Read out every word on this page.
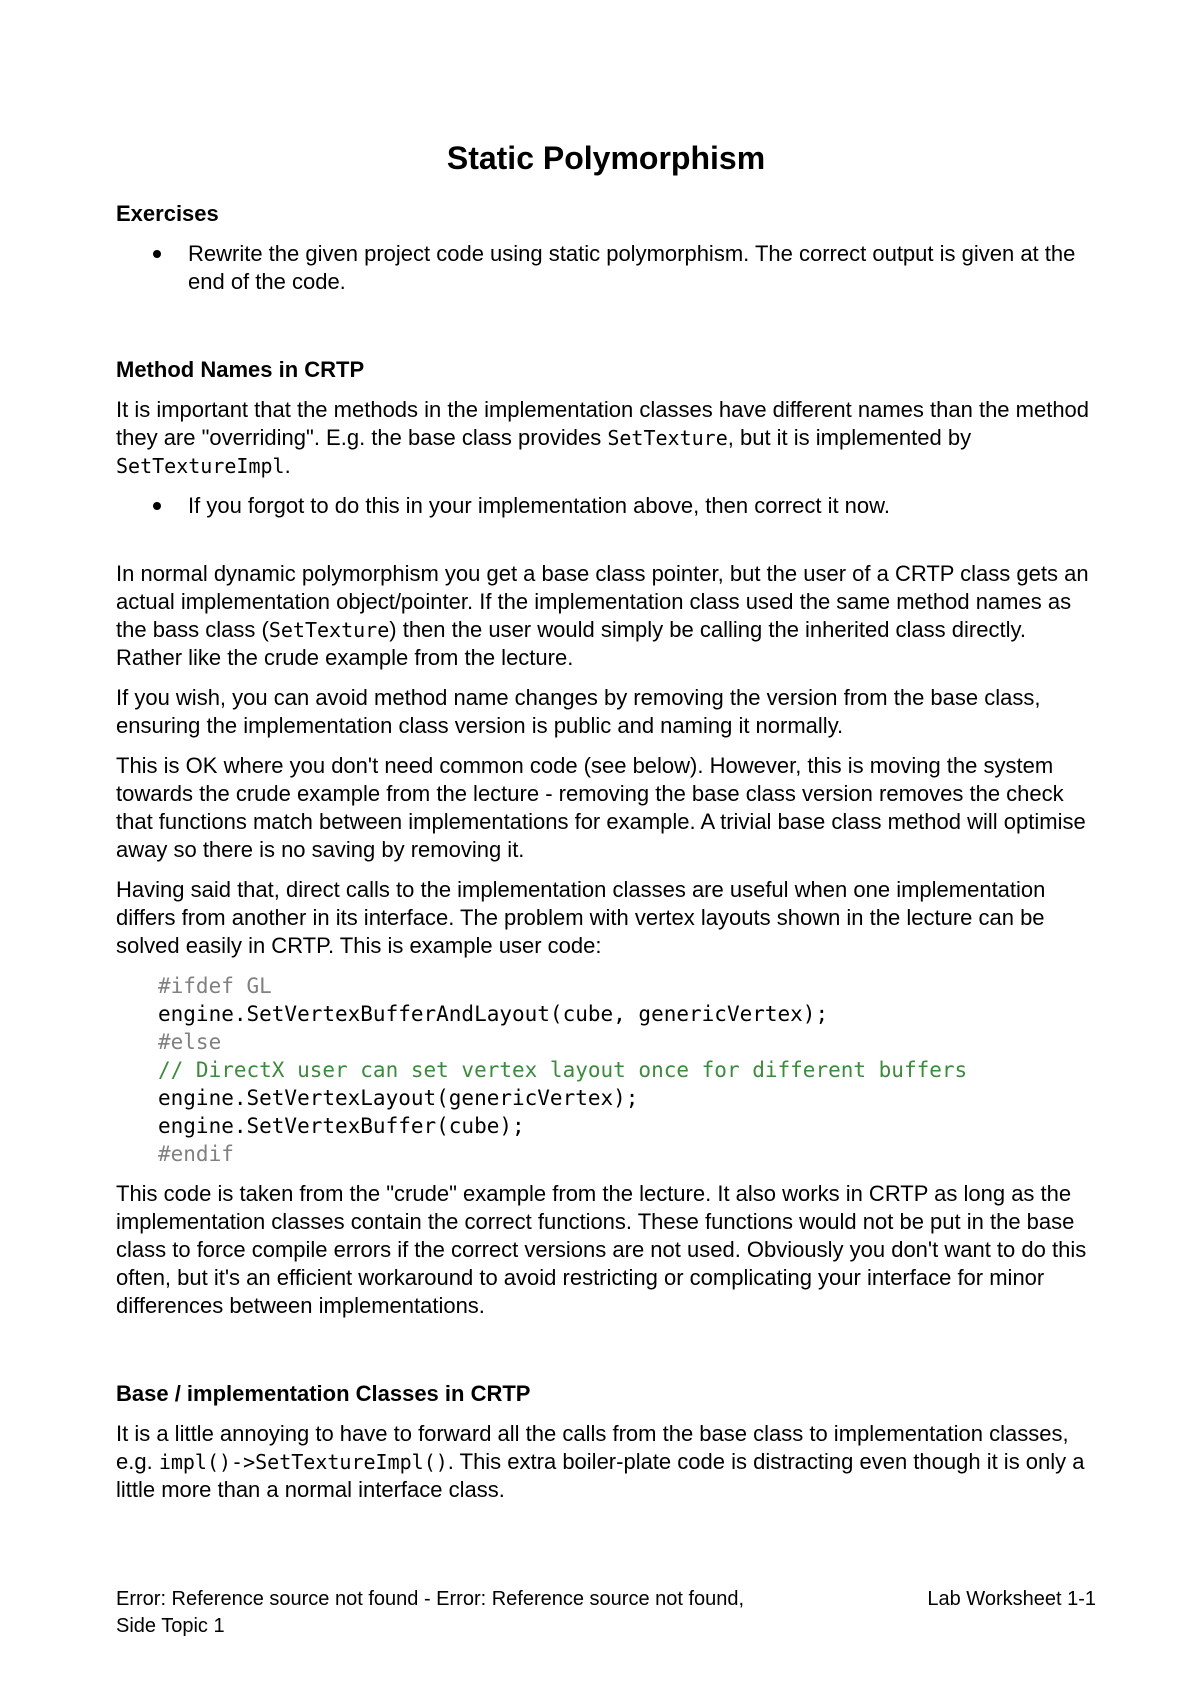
Static Polymorphism
Exercises
Rewrite the given project code using static polymorphism. The correct output is given at the end of the code.
Method Names in CRTP

It is important that the methods in the implementation classes have different names than the method they are "overriding". E.g. the base class provides SetTexture, but it is implemented by SetTextureImpl.

If you forgot to do this in your implementation above, then correct it now.

In normal dynamic polymorphism you get a base class pointer, but the user of a CRTP class gets an actual implementation object/pointer. If the implementation class used the same method names as the bass class (SetTexture) then the user would simply be calling the inherited class directly. Rather like the crude example from the lecture.

If you wish, you can avoid method name changes by removing the version from the base class, ensuring the implementation class version is public and naming it normally.

This is OK where you don't need common code (see below). However, this is moving the system towards the crude example from the lecture - removing the base class version removes the check that functions match between implementations for example. A trivial base class method will optimise away so there is no saving by removing it.

Having said that, direct calls to the implementation classes are useful when one implementation differs from another in its interface. The problem with vertex layouts shown in the lecture can be solved easily in CRTP. This is example user code:

#ifdef GL
engine.SetVertexBufferAndLayout(cube, genericVertex);
#else
// DirectX user can set vertex layout once for different buffers
engine.SetVertexLayout(genericVertex);
engine.SetVertexBuffer(cube);
#endif

This code is taken from the "crude" example from the lecture. It also works in CRTP as long as the implementation classes contain the correct functions. These functions would not be put in the base class to force compile errors if the correct versions are not used. Obviously you don't want to do this often, but it's an efficient workaround to avoid restricting or complicating your interface for minor differences between implementations.

Base / implementation Classes in CRTP

It is a little annoying to have to forward all the calls from the base class to implementation classes, e.g. impl()->SetTextureImpl(). This extra boiler-plate code is distracting even though it is only a little more than a normal interface class.

Error: Reference source not found - Error: Reference source not found,
Side Topic 1
Lab Worksheet 1-1
